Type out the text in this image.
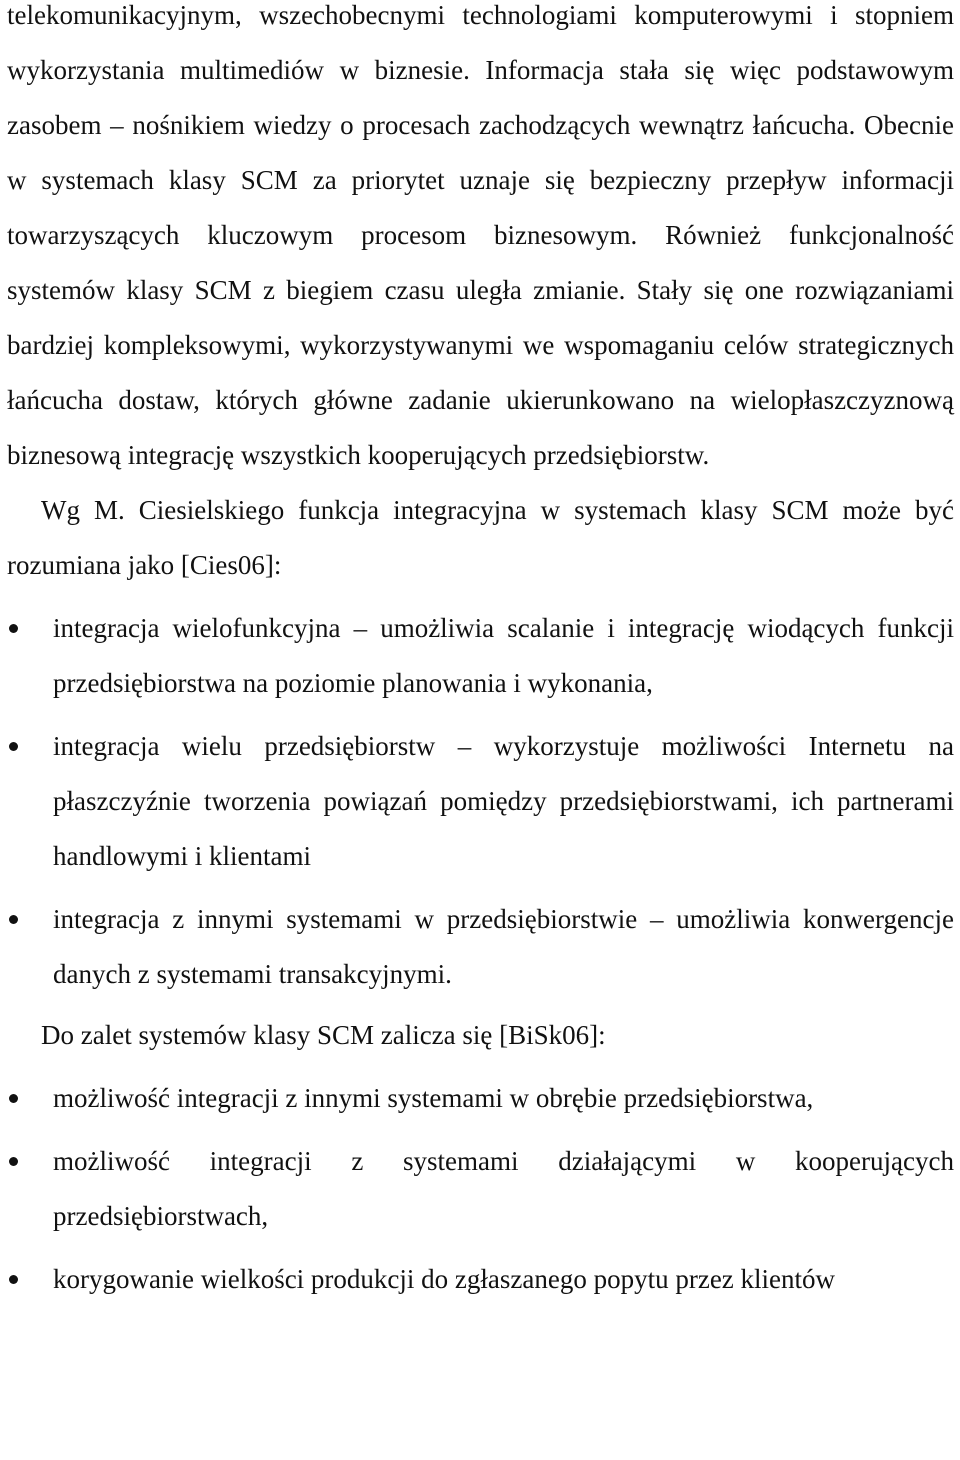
telekomunikacyjnym, wszechobecnymi technologiami komputerowymi i stopniem wykorzystania multimediów w biznesie. Informacja stała się więc podstawowym zasobem – nośnikiem wiedzy o procesach zachodzących wewnątrz łańcucha. Obecnie w systemach klasy SCM za priorytet uznaje się bezpieczny przepływ informacji towarzyszących kluczowym procesom biznesowym. Również funkcjonalność systemów klasy SCM z biegiem czasu uległa zmianie. Stały się one rozwiązaniami bardziej kompleksowymi, wykorzystywanymi we wspomaganiu celów strategicznych łańcucha dostaw, których główne zadanie ukierunkowano na wielopłaszczyznową biznesową integrację wszystkich kooperujących przedsiębiorstw.

Wg M. Ciesielskiego funkcja integracyjna w systemach klasy SCM może być rozumiana jako [Cies06]:

integracja wielofunkcyjna – umożliwia scalanie i integrację wiodących funkcji przedsiębiorstwa na poziomie planowania i wykonania,
integracja wielu przedsiębiorstw – wykorzystuje możliwości Internetu na płaszczyźnie tworzenia powiązań pomiędzy przedsiębiorstwami, ich partnerami handlowymi i klientami
integracja z innymi systemami w przedsiębiorstwie – umożliwia konwergencje danych z systemami transakcyjnymi.

Do zalet systemów klasy SCM zalicza się [BiSk06]:

możliwość integracji z innymi systemami w obrębie przedsiębiorstwa,
możliwość integracji z systemami działającymi w kooperujących przedsiębiorstwach,
korygowanie wielkości produkcji do zgłaszanego popytu przez klientów
